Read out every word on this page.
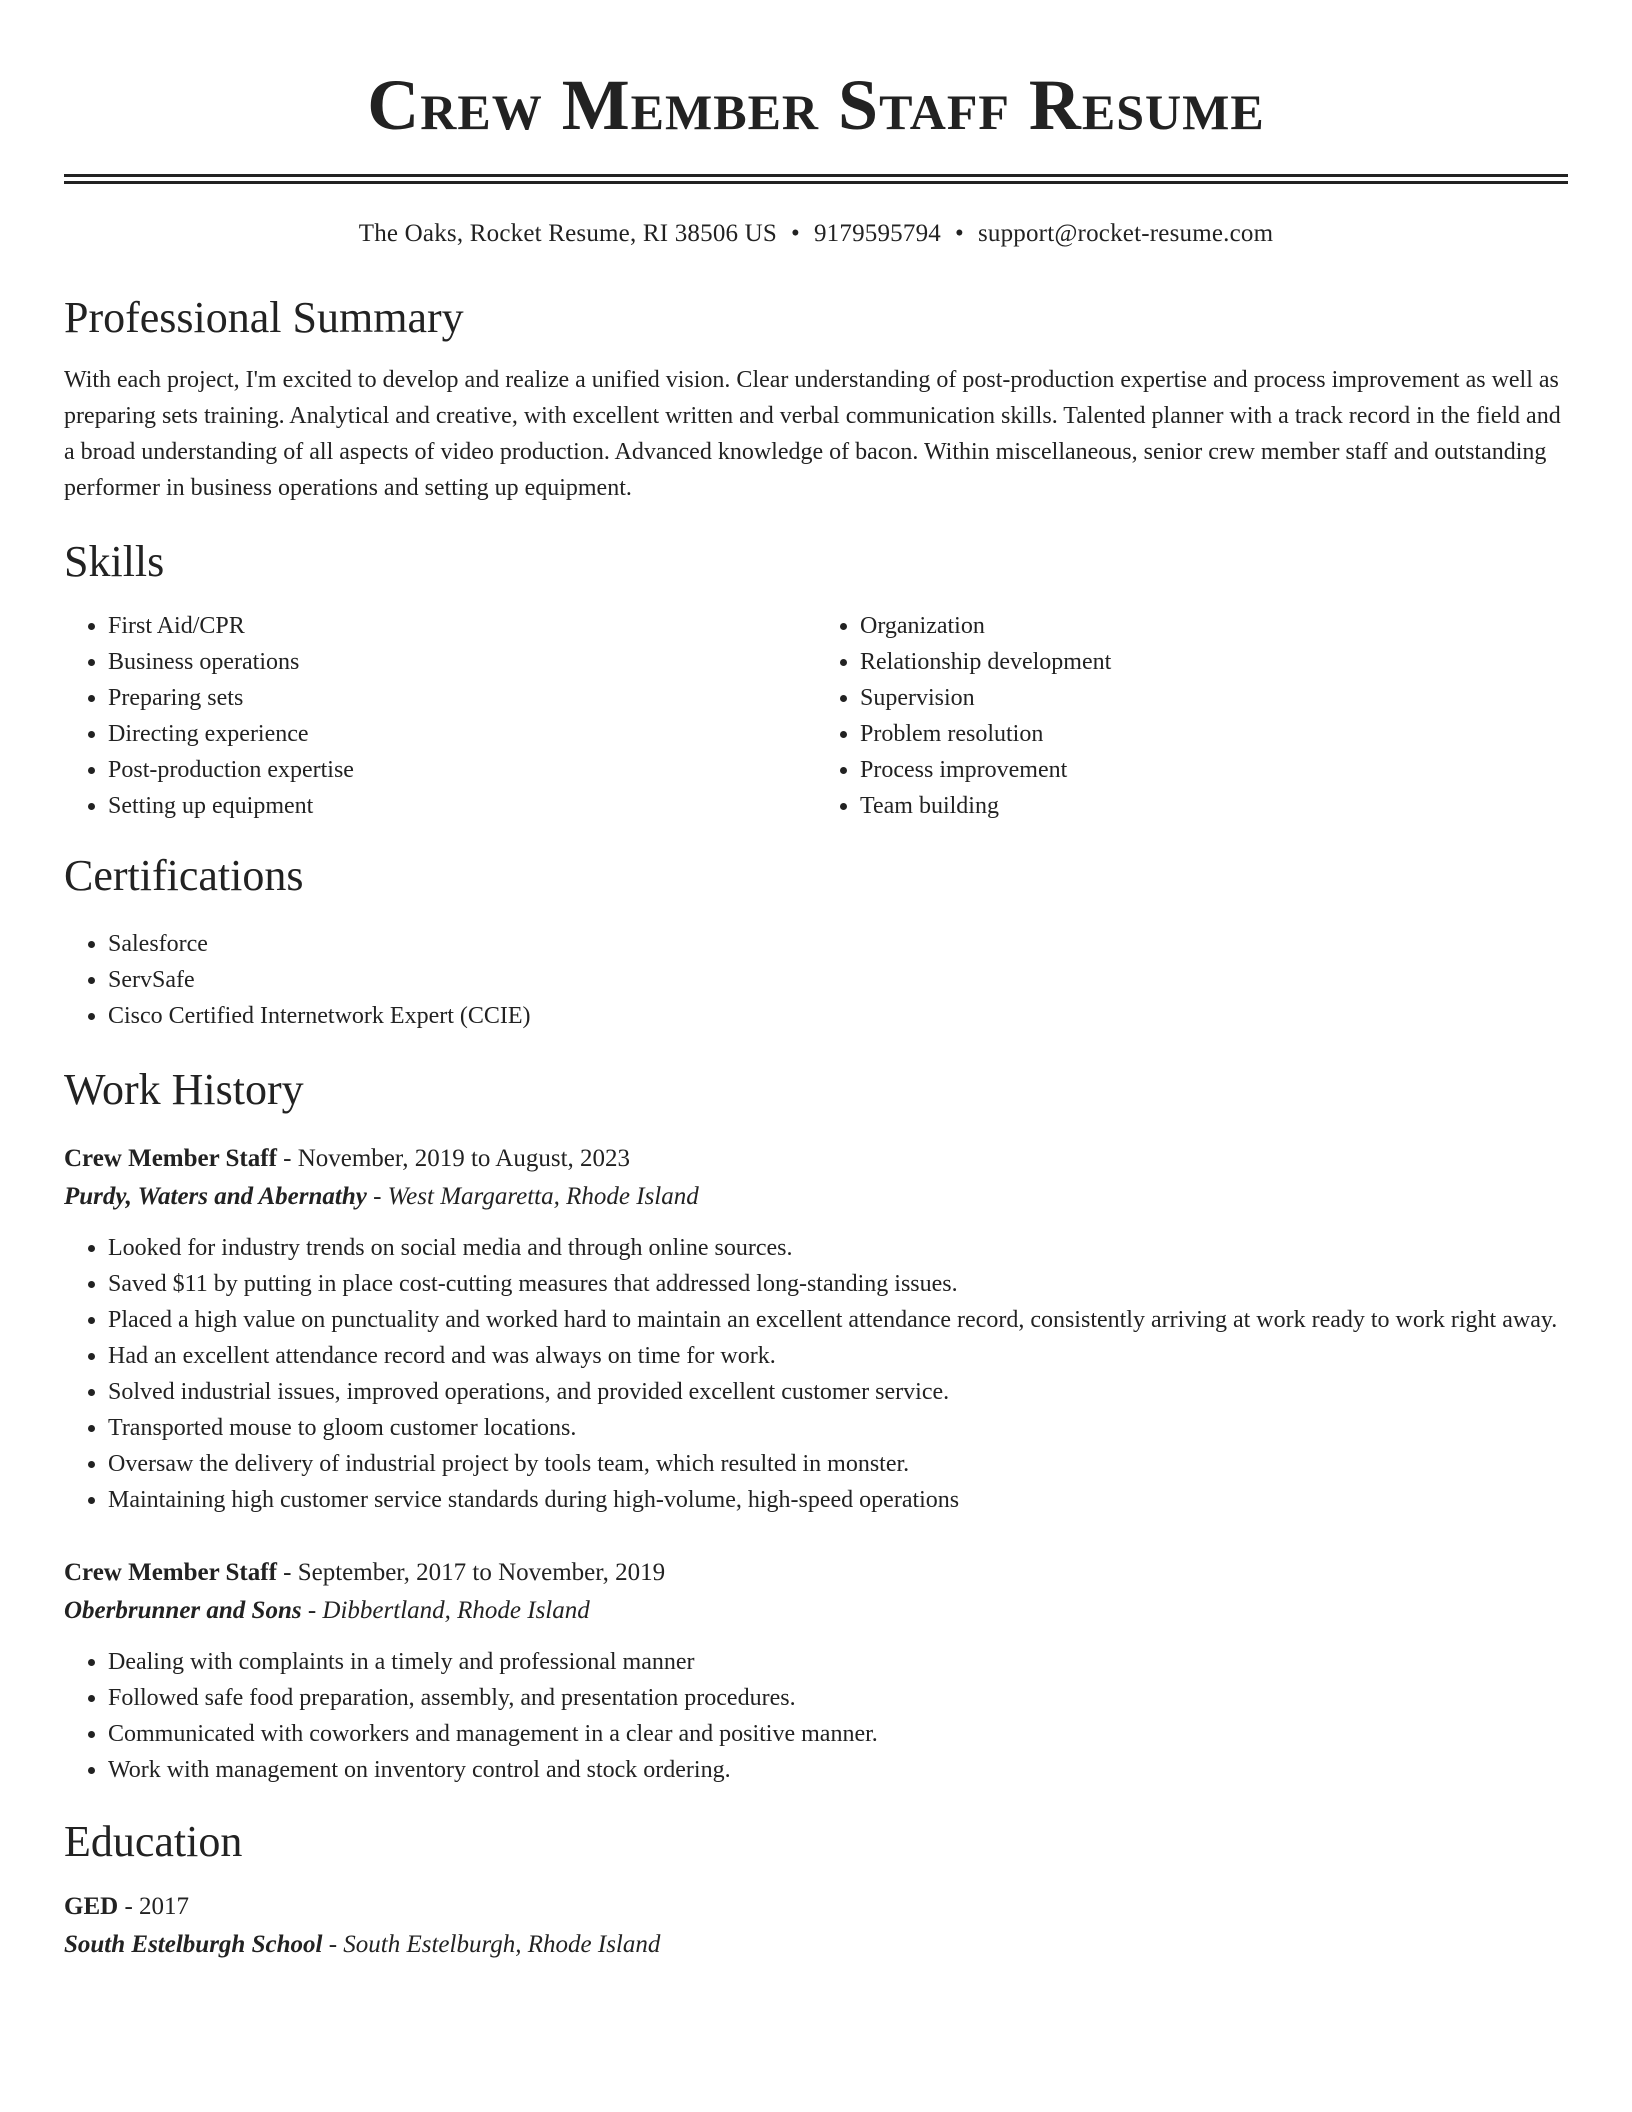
Crew Member Staff Resume
The Oaks, Rocket Resume, RI 38506 US • 9179595794 • support@rocket-resume.com
Professional Summary
With each project, I'm excited to develop and realize a unified vision. Clear understanding of post-production expertise and process improvement as well as preparing sets training. Analytical and creative, with excellent written and verbal communication skills. Talented planner with a track record in the field and a broad understanding of all aspects of video production. Advanced knowledge of bacon. Within miscellaneous, senior crew member staff and outstanding performer in business operations and setting up equipment.
Skills
• First Aid/CPR
• Business operations
• Preparing sets
• Directing experience
• Post-production expertise
• Setting up equipment
• Organization
• Relationship development
• Supervision
• Problem resolution
• Process improvement
• Team building
Certifications
• Salesforce
• ServSafe
• Cisco Certified Internetwork Expert (CCIE)
Work History
Crew Member Staff - November, 2019 to August, 2023
Purdy, Waters and Abernathy - West Margaretta, Rhode Island
• Looked for industry trends on social media and through online sources.
• Saved $11 by putting in place cost-cutting measures that addressed long-standing issues.
• Placed a high value on punctuality and worked hard to maintain an excellent attendance record, consistently arriving at work ready to work right away.
• Had an excellent attendance record and was always on time for work.
• Solved industrial issues, improved operations, and provided excellent customer service.
• Transported mouse to gloom customer locations.
• Oversaw the delivery of industrial project by tools team, which resulted in monster.
• Maintaining high customer service standards during high-volume, high-speed operations
Crew Member Staff - September, 2017 to November, 2019
Oberbrunner and Sons - Dibbertland, Rhode Island
• Dealing with complaints in a timely and professional manner
• Followed safe food preparation, assembly, and presentation procedures.
• Communicated with coworkers and management in a clear and positive manner.
• Work with management on inventory control and stock ordering.
Education
GED - 2017
South Estelburgh School - South Estelburgh, Rhode Island
